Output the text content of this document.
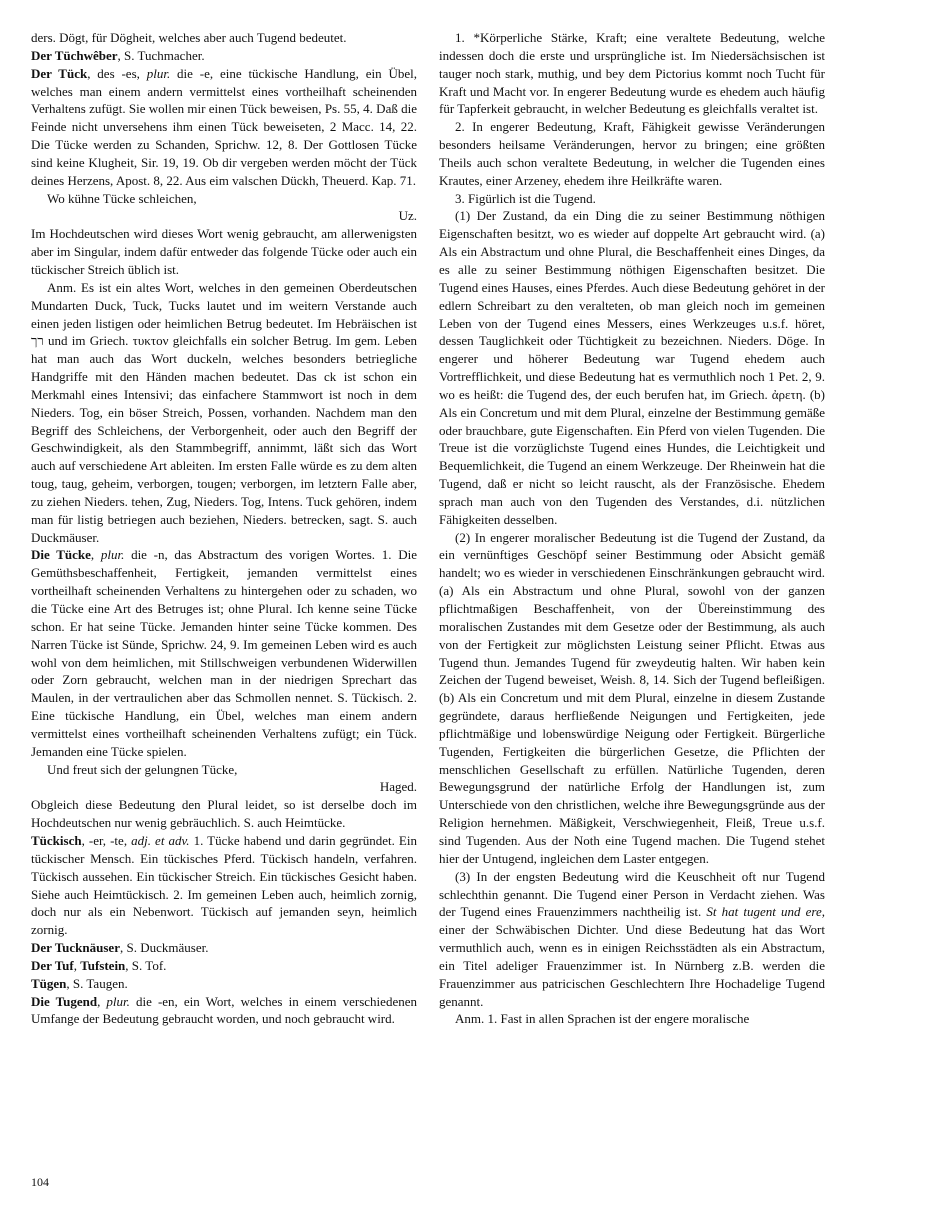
ders. Dögt, für Dögheit, welches aber auch Tugend bedeutet.

Der Tüchwêber, S. Tuchmacher.

Der Tück, des -es, plur. die -e, eine tückische Handlung, ein Übel, welches man einem andern vermittelst eines vortheilhaft scheinenden Verhaltens zufügt. Sie wollen mir einen Tück beweisen, Ps. 55, 4. Daß die Feinde nicht unversehens ihm einen Tück beweiseten, 2 Macc. 14, 22. Die Tücke werden zu Schanden, Sprichw. 12, 8. Der Gottlosen Tücke sind keine Klugheit, Sir. 19, 19. Ob dir vergeben werden möcht der Tück deines Herzens, Apost. 8, 22. Aus eim valschen Dückh, Theuerd. Kap. 71.

Wo kühne Tücke schleichen,

Uz.

Im Hochdeutschen wird dieses Wort wenig gebraucht, am allerwenigsten aber im Singular, indem dafür entweder das folgende Tücke oder auch ein tückischer Streich üblich ist.

Anm. Es ist ein altes Wort, welches in den gemeinen Oberdeutschen Mundarten Duck, Tuck, Tucks lautet und im weitern Verstande auch einen jeden listigen oder heimlichen Betrug bedeutet. Im Hebräischen ist רך und im Griech. τυκτον gleichfalls ein solcher Betrug. Im gem. Leben hat man auch das Wort duckeln, welches besonders betriegliche Handgriffe mit den Händen machen bedeutet. Das ck ist schon ein Merkmahl eines Intensivi; das einfachere Stammwort ist noch in dem Nieders. Tog, ein böser Streich, Possen, vorhanden. Nachdem man den Begriff des Schleichens, der Verborgenheit, oder auch den Begriff der Geschwindigkeit, als den Stammbegriff, annimmt, läßt sich das Wort auch auf verschiedene Art ableiten. Im ersten Falle würde es zu dem alten toug, taug, geheim, verborgen, tougen; verborgen, im letztern Falle aber, zu ziehen Nieders. tehen, Zug, Nieders. Tog, Intens. Tuck gehören, indem man für listig betriegen auch beziehen, Nieders. betrecken, sagt. S. auch Duckmäuser.

Die Tücke, plur. die -n, das Abstractum des vorigen Wortes. 1. Die Gemüthsbeschaffenheit, Fertigkeit, jemanden vermittelst eines vortheilhaft scheinenden Verhaltens zu hintergehen oder zu schaden, wo die Tücke eine Art des Betruges ist; ohne Plural. Ich kenne seine Tücke schon. Er hat seine Tücke. Jemanden hinter seine Tücke kommen. Des Narren Tücke ist Sünde, Sprichw. 24, 9. Im gemeinen Leben wird es auch wohl von dem heimlichen, mit Stillschweigen verbundenen Widerwillen oder Zorn gebraucht, welchen man in der niedrigen Sprechart das Maulen, in der vertraulichen aber das Schmollen nennet. S. Tückisch. 2. Eine tückische Handlung, ein Übel, welches man einem andern vermittelst eines vortheilhaft scheinenden Verhaltens zufügt; ein Tück. Jemanden eine Tücke spielen.

Und freut sich der gelungnen Tücke,

Haged.

Obgleich diese Bedeutung den Plural leidet, so ist derselbe doch im Hochdeutschen nur wenig gebräuchlich. S. auch Heimtücke.

Tückisch, -er, -te, adj. et adv. 1. Tücke habend und darin gegründet. Ein tückischer Mensch. Ein tückisches Pferd. Tückisch handeln, verfahren. Tückisch aussehen. Ein tückischer Streich. Ein tückisches Gesicht haben. Siehe auch Heimtückisch. 2. Im gemeinen Leben auch, heimlich zornig, doch nur als ein Nebenwort. Tückisch auf jemanden seyn, heimlich zornig.

Der Tucknäuser, S. Duckmäuser.

Der Tuf, Tufstein, S. Tof.

Tügen, S. Taugen.

Die Tugend, plur. die -en, ein Wort, welches in einem verschiedenen Umfange der Bedeutung gebraucht worden, und noch gebraucht wird.

1. *Körperliche Stärke, Kraft; eine veraltete Bedeutung, welche indessen doch die erste und ursprüngliche ist. Im Niedersächsischen ist tauger noch stark, muthig, und bey dem Pictorius kommt noch Tucht für Kraft und Macht vor. In engerer Bedeutung wurde es ehedem auch häufig für Tapferkeit gebraucht, in welcher Bedeutung es gleichfalls veraltet ist.

2. In engerer Bedeutung, Kraft, Fähigkeit gewisse Veränderungen besonders heilsame Veränderungen, hervor zu bringen; eine größten Theils auch schon veraltete Bedeutung, in welcher die Tugenden eines Krautes, einer Arzeney, ehedem ihre Heilkräfte waren.

3. Figürlich ist die Tugend.

(1) Der Zustand, da ein Ding die zu seiner Bestimmung nöthigen Eigenschaften besitzt, wo es wieder auf doppelte Art gebraucht wird. (a) Als ein Abstractum und ohne Plural, die Beschaffenheit eines Dinges, da es alle zu seiner Bestimmung nöthigen Eigenschaften besitzet. Die Tugend eines Hauses, eines Pferdes. Auch diese Bedeutung gehöret in der edlern Schreibart zu den veralteten, ob man gleich noch im gemeinen Leben von der Tugend eines Messers, eines Werkzeuges u.s.f. höret, dessen Tauglichkeit oder Tüchtigkeit zu bezeichnen. Nieders. Döge. In engerer und höherer Bedeutung war Tugend ehedem auch Vortrefflichkeit, und diese Bedeutung hat es vermuthlich noch 1 Pet. 2, 9. wo es heißt: die Tugend des, der euch berufen hat, im Griech. ἀρετη. (b) Als ein Concretum und mit dem Plural, einzelne der Bestimmung gemäße oder brauchbare, gute Eigenschaften. Ein Pferd von vielen Tugenden. Die Treue ist die vorzüglichste Tugend eines Hundes, die Leichtigkeit und Bequemlichkeit, die Tugend an einem Werkzeuge. Der Rheinwein hat die Tugend, daß er nicht so leicht rauscht, als der Französische. Ehedem sprach man auch von den Tugenden des Verstandes, d.i. nützlichen Fähigkeiten desselben.

(2) In engerer moralischer Bedeutung ist die Tugend der Zustand, da ein vernünftiges Geschöpf seiner Bestimmung oder Absicht gemäß handelt; wo es wieder in verschiedenen Einschränkungen gebraucht wird. (a) Als ein Abstractum und ohne Plural, sowohl von der ganzen pflichtmaßigen Beschaffenheit, von der Übereinstimmung des moralischen Zustandes mit dem Gesetze oder der Bestimmung, als auch von der Fertigkeit zur möglichsten Leistung seiner Pflicht. Etwas aus Tugend thun. Jemandes Tugend für zweydeutig halten. Wir haben kein Zeichen der Tugend beweiset, Weish. 8, 14. Sich der Tugend befleißigen. (b) Als ein Concretum und mit dem Plural, einzelne in diesem Zustande gegründete, daraus herfließende Neigungen und Fertigkeiten, jede pflichtmäßige und lobenswürdige Neigung oder Fertigkeit. Bürgerliche Tugenden, Fertigkeiten die bürgerlichen Gesetze, die Pflichten der menschlichen Gesellschaft zu erfüllen. Natürliche Tugenden, deren Bewegungsgrund der natürliche Erfolg der Handlungen ist, zum Unterschiede von den christlichen, welche ihre Bewegungsgründe aus der Religion hernehmen. Mäßigkeit, Verschwiegenheit, Fleiß, Treue u.s.f. sind Tugenden. Aus der Noth eine Tugend machen. Die Tugend stehet hier der Untugend, ingleichen dem Laster entgegen.

(3) In der engsten Bedeutung wird die Keuschheit oft nur Tugend schlechthin genannt. Die Tugend einer Person in Verdacht ziehen. Was der Tugend eines Frauenzimmers nachtheilig ist. St hat tugent und ere, einer der Schwäbischen Dichter. Und diese Bedeutung hat das Wort vermuthlich auch, wenn es in einigen Reichsstädten als ein Abstractum, ein Titel adeliger Frauenzimmer ist. In Nürnberg z.B. werden die Frauenzimmer aus patricischen Geschlechtern Ihre Hochadelige Tugend genannt.

Anm. 1. Fast in allen Sprachen ist der engere moralische

104
